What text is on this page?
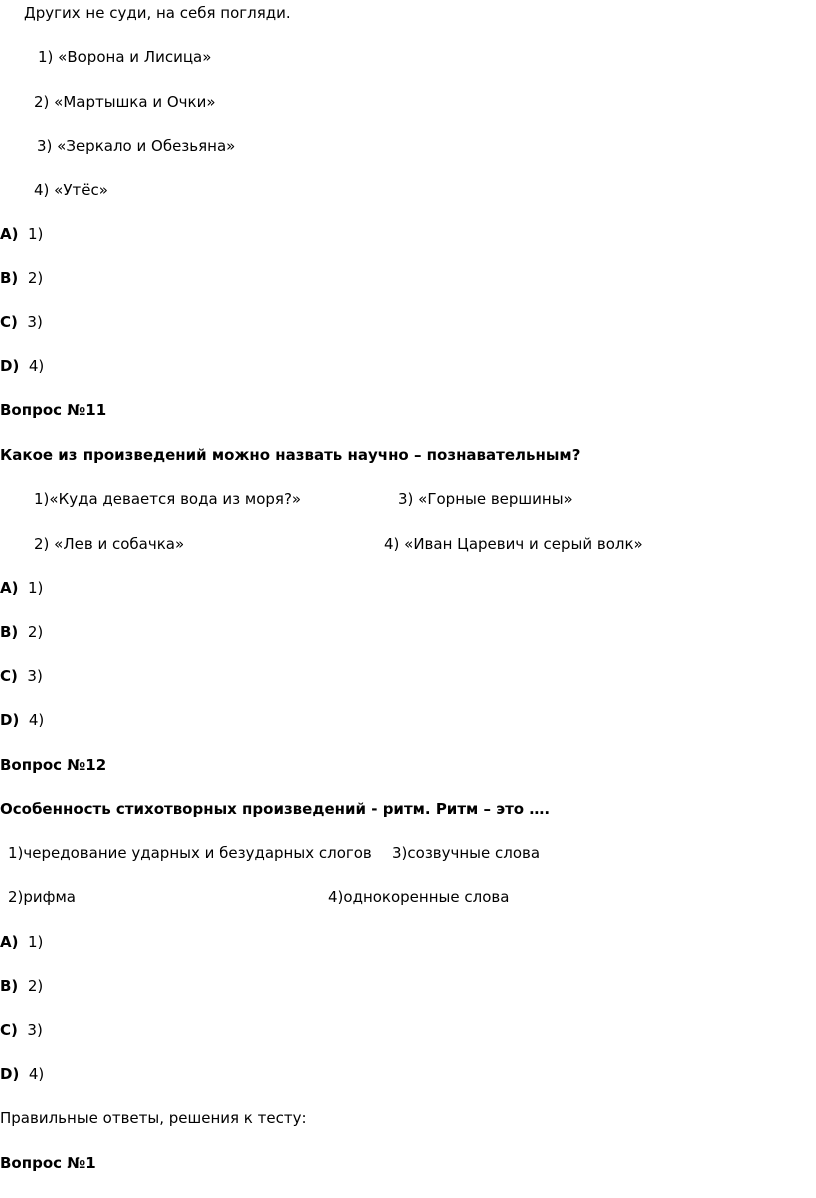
Других не суди, на себя погляди.
1) «Ворона и Лисица»
2) «Мартышка и Очки»
3) «Зеркало и Обезьяна»
4) «Утёс»
A) 1)
B) 2)
C) 3)
D) 4)
Вопрос №11
Какое из произведений можно назвать научно – познавательным?
1)«Куда девается вода из моря?»	3) «Горные вершины»
2) «Лев и собачка»	4) «Иван Царевич и серый волк»
A) 1)
B) 2)
C) 3)
D) 4)
Вопрос №12
Особенность стихотворных произведений - ритм. Ритм – это ….
1)чередование ударных и безударных слогов 3)созвучные слова
2)рифма	4)однокоренные слова
A) 1)
B) 2)
C) 3)
D) 4)
Правильные ответы, решения к тесту:
Вопрос №1
